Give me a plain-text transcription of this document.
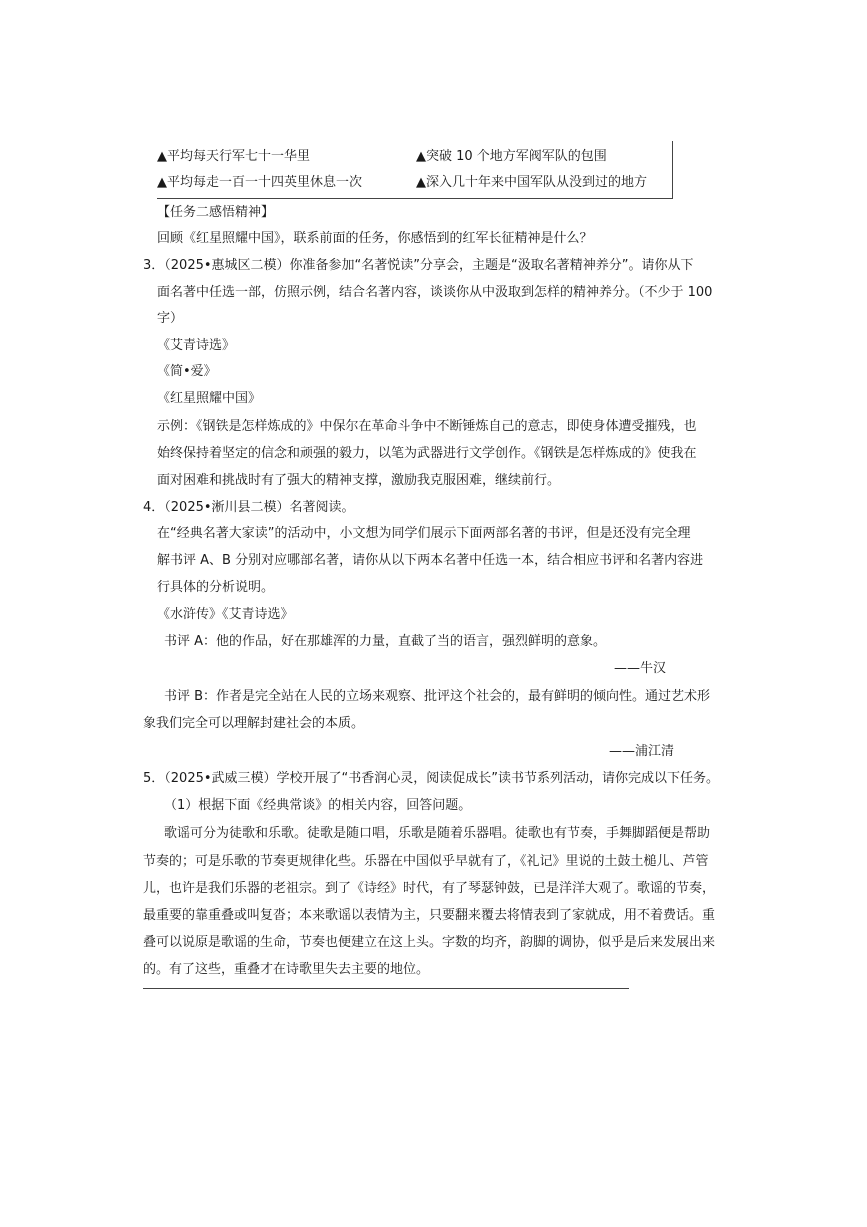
▲平均每天行军七十一华里	▲突破 10 个地方军阀军队的包围
▲平均每走一百一十四英里休息一次	▲深入几十年来中国军队从没到过的地方
【任务二感悟精神】
回顾《红星照耀中国》，联系前面的任务，你感悟到的红军长征精神是什么？
3．（2025•惠城区二模）你准备参加“名著悦读”分享会，主题是“汲取名著精神养分”。请你从下
面名著中任选一部，仿照示例，结合名著内容，谈谈你从中汲取到怎样的精神养分。（不少于 100
字）
《艾青诗选》
《简•爱》
《红星照耀中国》
示例：《钢铁是怎样炼成的》中保尔在革命斗争中不断锤炼自己的意志，即使身体遭受摧残，也
始终保持着坚定的信念和顽强的毅力，以笔为武器进行文学创作。《钢铁是怎样炼成的》使我在
面对困难和挑战时有了强大的精神支撑，激励我克服困难，继续前行。
4．（2025•淅川县二模）名著阅读。
在“经典名著大家读”的活动中，小文想为同学们展示下面两部名著的书评，但是还没有完全理
解书评 A、B 分别对应哪部名著，请你从以下两本名著中任选一本，结合相应书评和名著内容进
行具体的分析说明。
《水浒传》《艾青诗选》
书评 A：他的作品，好在那雄浑的力量，直截了当的语言，强烈鲜明的意象。
——牛汉
书评 B：作者是完全站在人民的立场来观察、批评这个社会的，最有鲜明的倾向性。通过艺术形
象我们完全可以理解封建社会的本质。
——浦江清
5．（2025•武威三模）学校开展了“书香润心灵，阅读促成长”读书节系列活动，请你完成以下任务。
（1）根据下面《经典常谈》的相关内容，回答问题。
歌谣可分为徒歌和乐歌。徒歌是随口唱，乐歌是随着乐器唱。徒歌也有节奏，手舞脚蹈便是帮助
节奏的；可是乐歌的节奏更规律化些。乐器在中国似乎早就有了，《礼记》里说的土鼓土槌儿、芦管
儿，也许是我们乐器的老祖宗。到了《诗经》时代，有了琴瑟钟鼓，已是洋洋大观了。歌谣的节奏，
最重要的靠重叠或叫复沓；本来歌谣以表情为主，只要翻来覆去将情表到了家就成，用不着费话。重
叠可以说原是歌谣的生命，节奏也便建立在这上头。字数的均齐，韵脚的调协，似乎是后来发展出来
的。有了这些，重叠才在诗歌里失去主要的地位。
